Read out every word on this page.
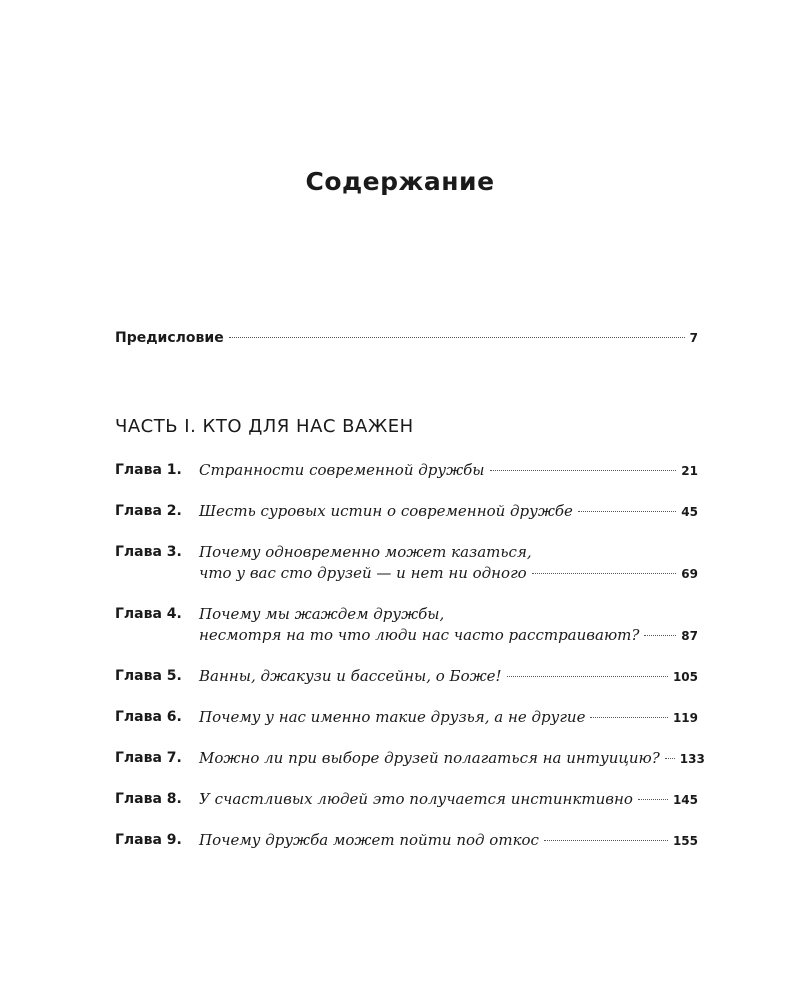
Содержание
Предисловие	7
ЧАСТЬ I. КТО ДЛЯ НАС ВАЖЕН
Глава 1.	Странности современной дружбы	21
Глава 2.	Шесть суровых истин о современной дружбе	45
Глава 3.	Почему одновременно может казаться,
что у вас сто друзей — и нет ни одного	69
Глава 4.	Почему мы жаждем дружбы,
несмотря на то что люди нас часто расстраивают?	87
Глава 5.	Ванны, джакузи и бассейны, о Боже!	105
Глава 6.	Почему у нас именно такие друзья, а не другие	119
Глава 7.	Можно ли при выборе друзей полагаться на интуицию? 133
Глава 8.	У счастливых людей это получается инстинктивно	145
Глава 9.	Почему дружба может пойти под откос	155
